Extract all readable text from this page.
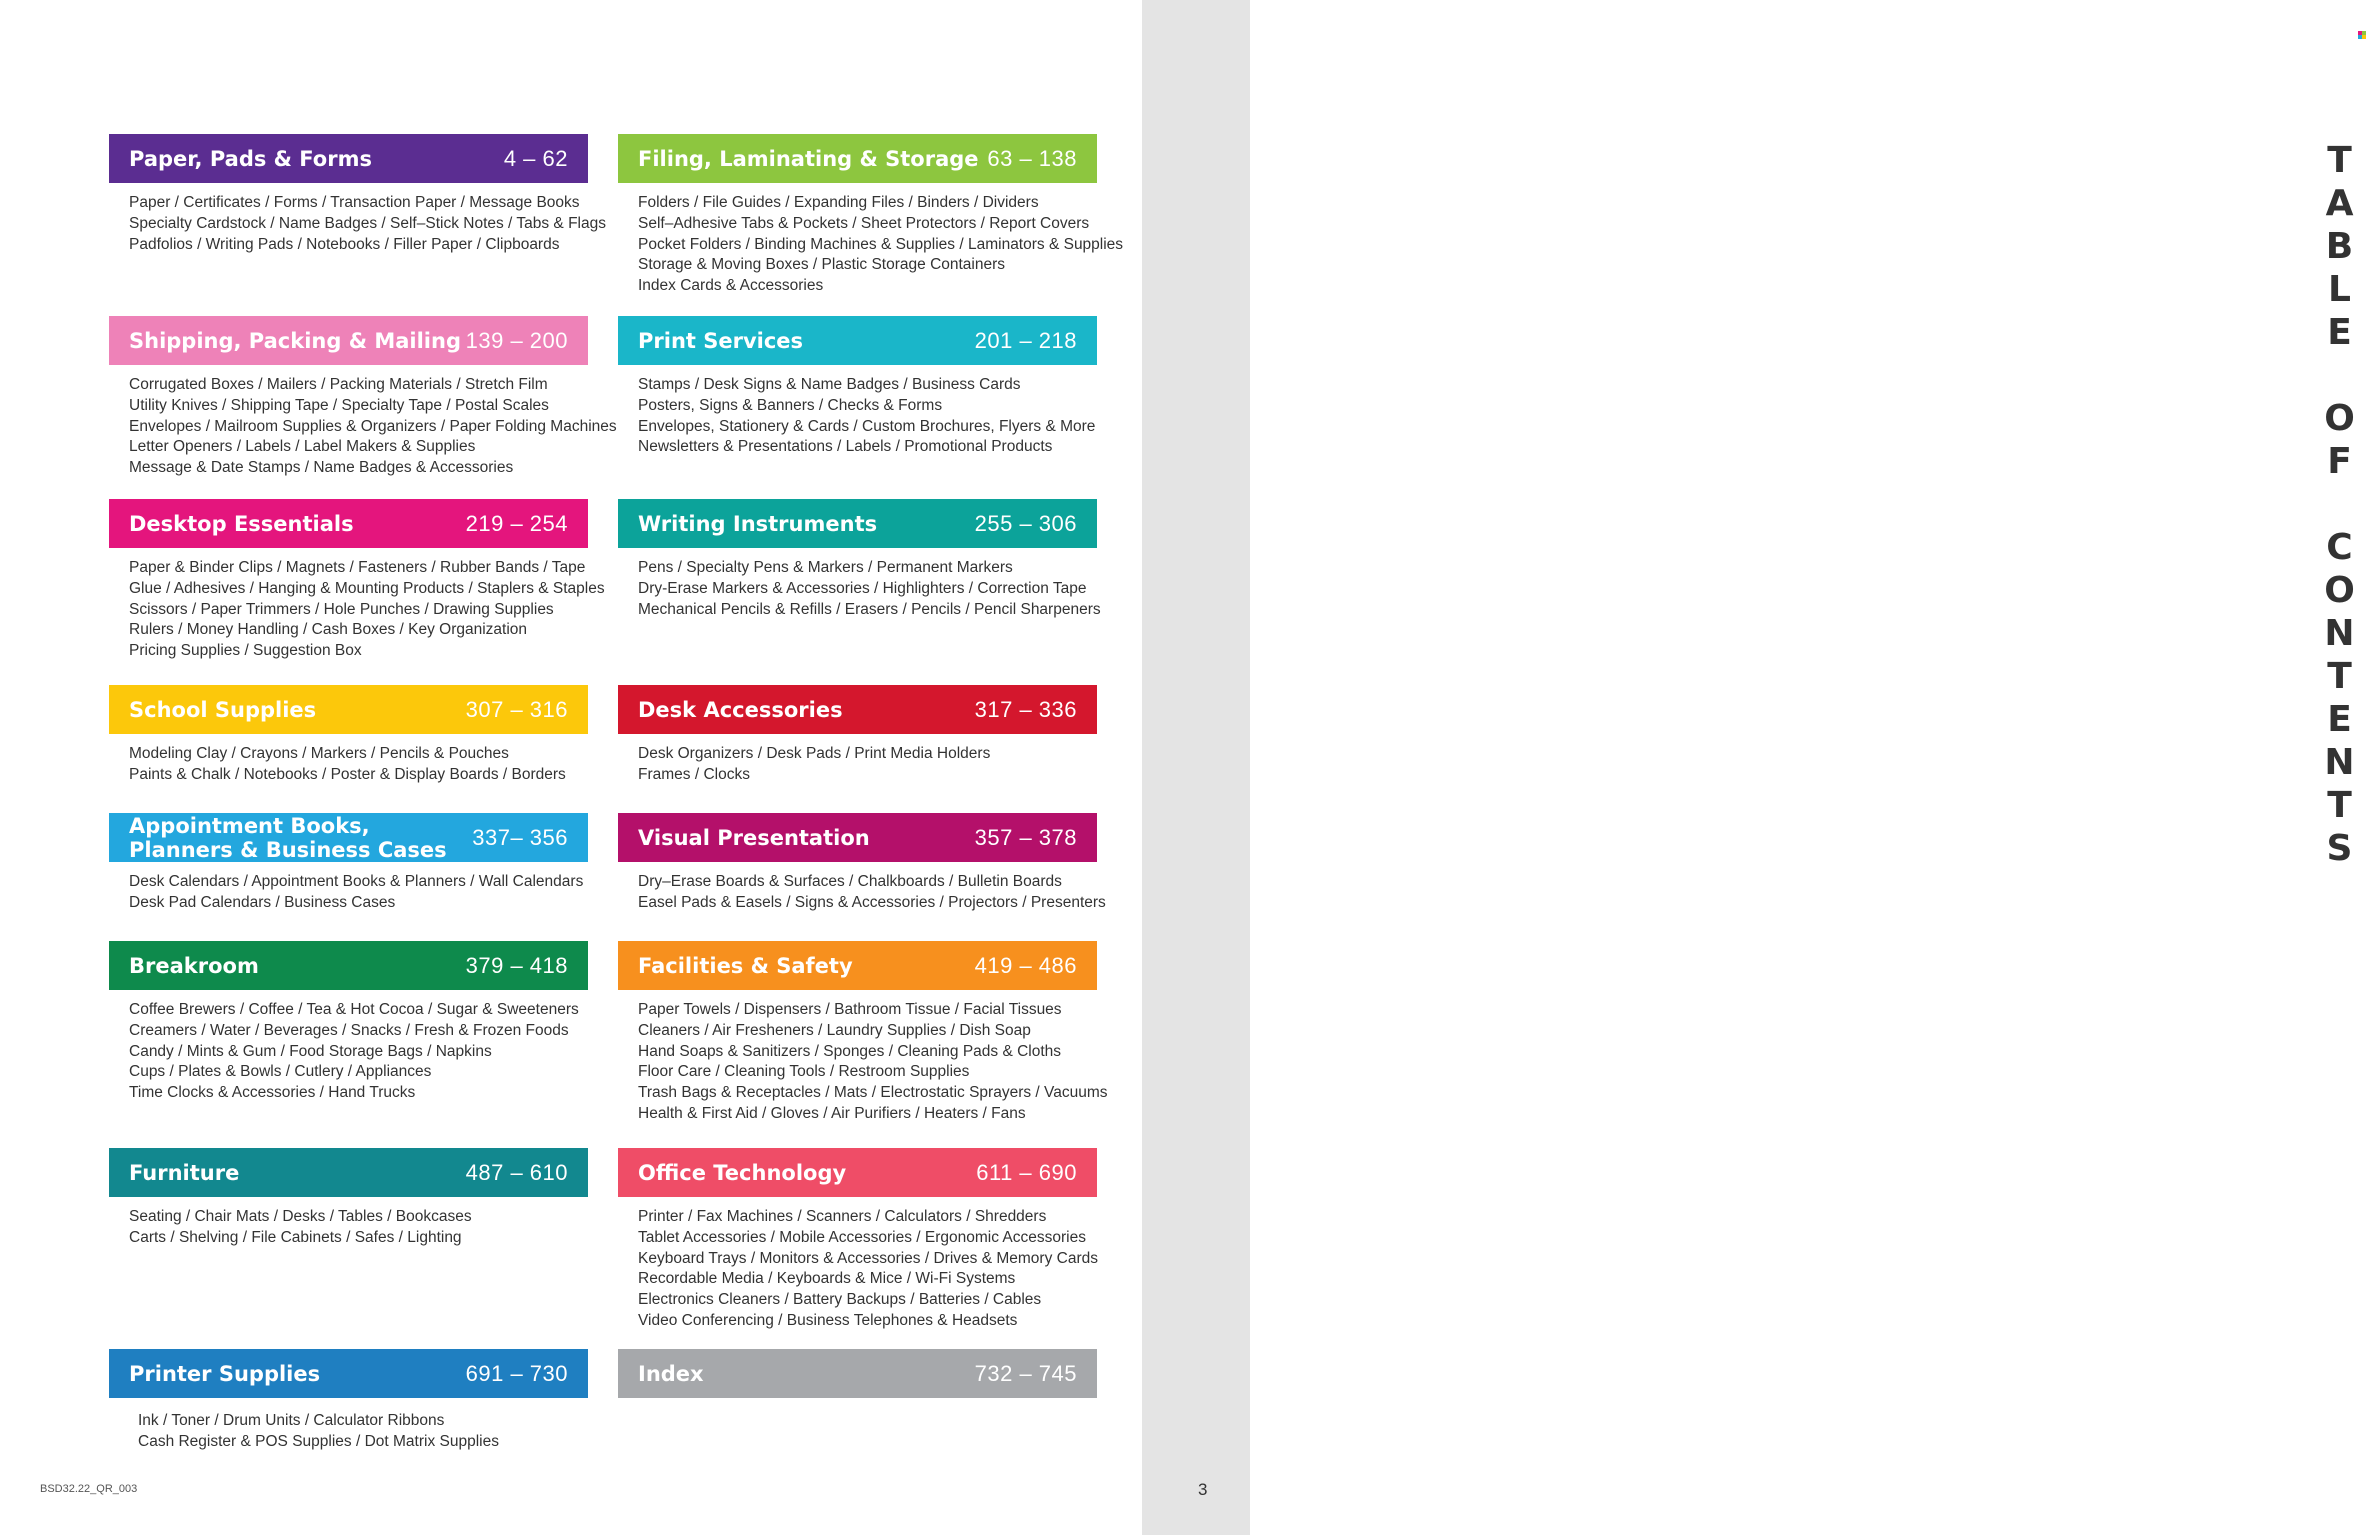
TABLE OF CONTENTS
3
BSD32.22_QR_003
Paper, Pads & Forms	4 – 62
Paper / Certificates / Forms / Transaction Paper / Message Books
Specialty Cardstock / Name Badges / Self–Stick Notes / Tabs & Flags
Padfolios / Writing Pads / Notebooks / Filler Paper / Clipboards
Filing, Laminating & Storage 63 – 138
Folders / File Guides / Expanding Files / Binders / Dividers
Self–Adhesive Tabs & Pockets / Sheet Protectors / Report Covers
Pocket Folders / Binding Machines & Supplies / Laminators & Supplies
Storage & Moving Boxes / Plastic Storage Containers
Index Cards & Accessories
Shipping, Packing & Mailing 139 – 200
Corrugated Boxes / Mailers / Packing Materials / Stretch Film
Utility Knives / Shipping Tape / Specialty Tape / Postal Scales
Envelopes / Mailroom Supplies & Organizers / Paper Folding Machines
Letter Openers / Labels / Label Makers & Supplies
Message & Date Stamps / Name Badges & Accessories
Print Services	201 – 218
Stamps / Desk Signs & Name Badges / Business Cards
Posters, Signs & Banners / Checks & Forms
Envelopes, Stationery & Cards / Custom Brochures, Flyers & More
Newsletters & Presentations / Labels / Promotional Products
Desktop Essentials	219 – 254
Paper & Binder Clips / Magnets / Fasteners / Rubber Bands / Tape
Glue / Adhesives / Hanging & Mounting Products / Staplers & Staples
Scissors / Paper Trimmers / Hole Punches / Drawing Supplies
Rulers / Money Handling / Cash Boxes / Key Organization
Pricing Supplies / Suggestion Box
Writing Instruments	255 – 306
Pens / Specialty Pens & Markers / Permanent Markers
Dry-Erase Markers & Accessories / Highlighters / Correction Tape
Mechanical Pencils & Refills / Erasers / Pencils / Pencil Sharpeners
School Supplies	307 – 316
Modeling Clay / Crayons / Markers / Pencils & Pouches
Paints & Chalk / Notebooks / Poster & Display Boards / Borders
Desk Accessories	317 – 336
Desk Organizers / Desk Pads / Print Media Holders
Frames / Clocks
Appointment Books,
Planners & Business Cases 337– 356
Desk Calendars / Appointment Books & Planners / Wall Calendars
Desk Pad Calendars / Business Cases
Visual Presentation	357 – 378
Dry–Erase Boards & Surfaces / Chalkboards / Bulletin Boards
Easel Pads & Easels / Signs & Accessories / Projectors / Presenters
Breakroom	379 – 418
Coffee Brewers / Coffee / Tea & Hot Cocoa / Sugar & Sweeteners
Creamers / Water / Beverages / Snacks / Fresh & Frozen Foods
Candy / Mints & Gum / Food Storage Bags / Napkins
Cups / Plates & Bowls / Cutlery / Appliances
Time Clocks & Accessories / Hand Trucks
Facilities & Safety	419 – 486
Paper Towels / Dispensers / Bathroom Tissue / Facial Tissues
Cleaners / Air Fresheners / Laundry Supplies / Dish Soap
Hand Soaps & Sanitizers / Sponges / Cleaning Pads & Cloths
Floor Care / Cleaning Tools / Restroom Supplies
Trash Bags & Receptacles / Mats / Electrostatic Sprayers / Vacuums
Health & First Aid / Gloves / Air Purifiers / Heaters / Fans
Furniture	487 – 610
Seating / Chair Mats / Desks / Tables / Bookcases
Carts / Shelving / File Cabinets / Safes / Lighting
Office Technology	611 – 690
Printer / Fax Machines / Scanners / Calculators / Shredders
Tablet Accessories / Mobile Accessories / Ergonomic Accessories
Keyboard Trays / Monitors & Accessories / Drives & Memory Cards
Recordable Media / Keyboards & Mice / Wi-Fi Systems
Electronics Cleaners / Battery Backups / Batteries / Cables
Video Conferencing / Business Telephones & Headsets
Printer Supplies	691 – 730
Ink / Toner / Drum Units / Calculator Ribbons
Cash Register & POS Supplies / Dot Matrix Supplies
Index	732 – 745
